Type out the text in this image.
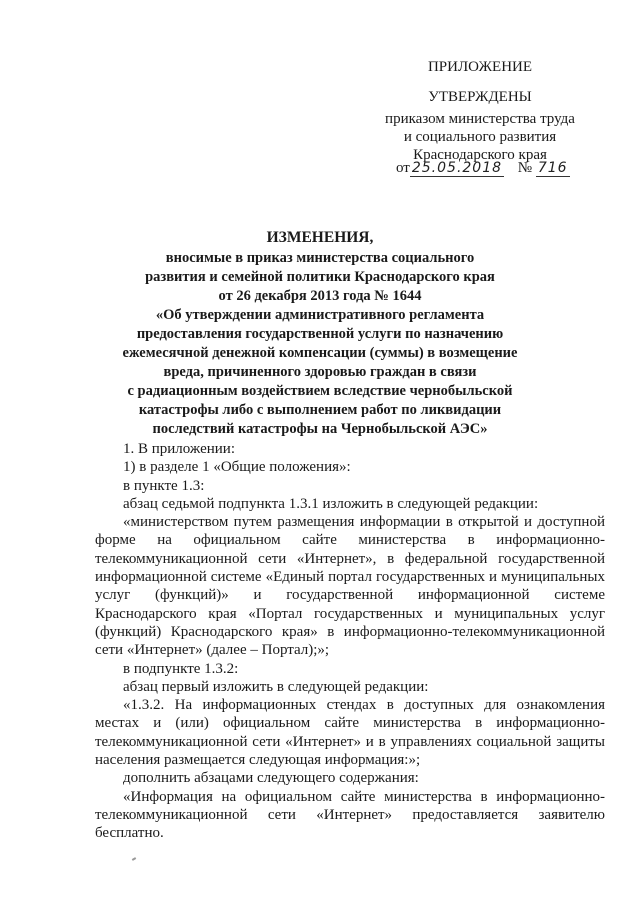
ПРИЛОЖЕНИЕ
УТВЕРЖДЕНЫ
приказом министерства труда
и социального развития
Краснодарского края
от 25.05.2018 № 716
ИЗМЕНЕНИЯ,
вносимые в приказ министерства социального
развития и семейной политики Краснодарского края
от 26 декабря 2013 года № 1644
«Об утверждении административного регламента
предоставления государственной услуги по назначению
ежемесячной денежной компенсации (суммы) в возмещение
вреда, причиненного здоровью граждан в связи
с радиационным воздействием вследствие чернобыльской
катастрофы либо с выполнением работ по ликвидации
последствий катастрофы на Чернобыльской АЭС»

1. В приложении:

1) в разделе 1 «Общие положения»:

в пункте 1.3:

абзац седьмой подпункта 1.3.1 изложить в следующей редакции:

«министерством путем размещения информации в открытой и доступной форме на официальном сайте министерства в информационно-телекоммуникационной сети «Интернет», в федеральной государственной информационной системе «Единый портал государственных и муниципальных услуг (функций)» и государственной информационной системе Краснодарского края «Портал государственных и муниципальных услуг (функций) Краснодарского края» в информационно-телекоммуникационной сети «Интернет» (далее – Портал);»;

в подпункте 1.3.2:

абзац первый изложить в следующей редакции:

«1.3.2. На информационных стендах в доступных для ознакомления местах и (или) официальном сайте министерства в информационно-телекоммуникационной сети «Интернет» и в управлениях социальной защиты населения размещается следующая информация:»;

дополнить абзацами следующего содержания:

«Информация на официальном сайте министерства в информационно-телекоммуникационной сети «Интернет» предоставляется заявителю бесплатно.
